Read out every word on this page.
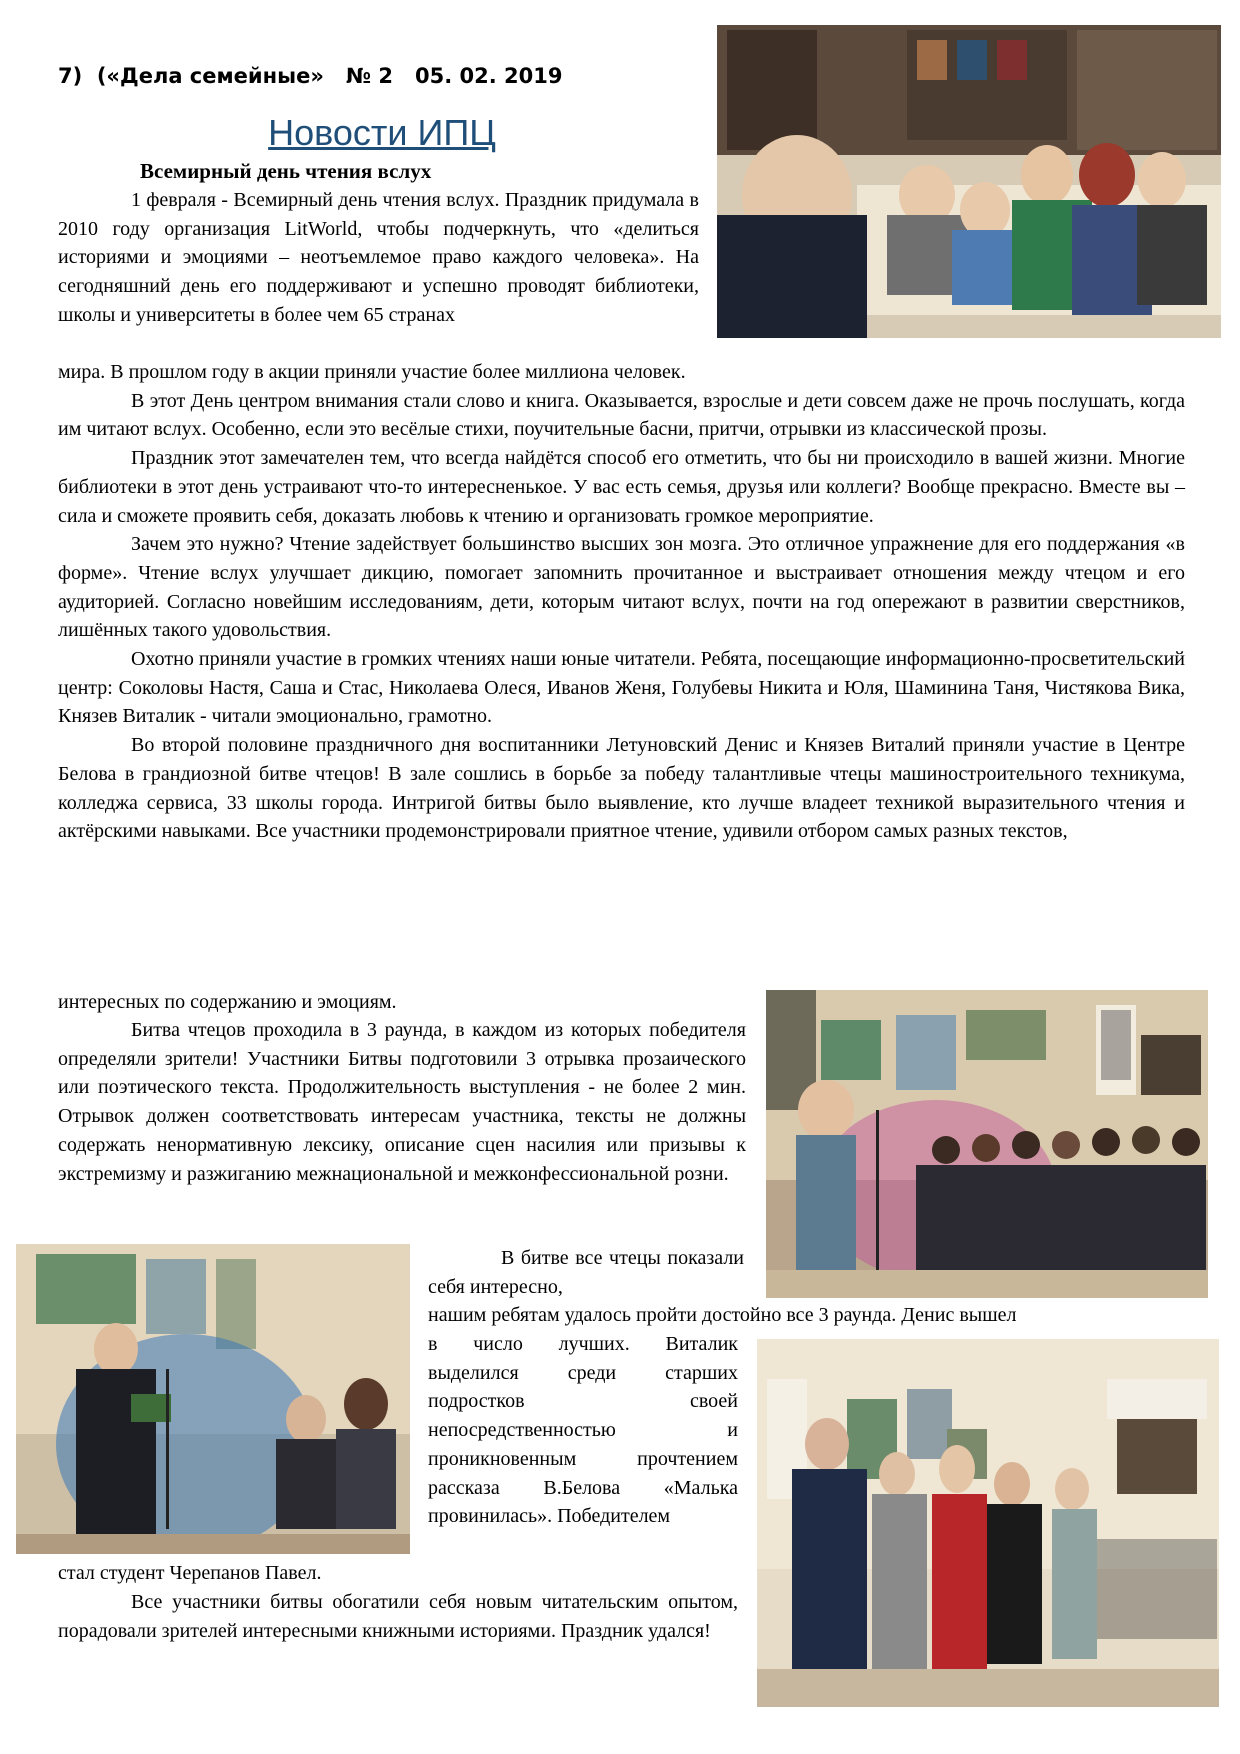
7)  («Дела семейные»   № 2   05. 02. 2019
Новости ИПЦ
Всемирный день чтения вслух

1 февраля - Всемирный день чтения вслух. Праздник придумала в 2010 году организация LitWorld, чтобы подчеркнуть, что «делиться историями и эмоциями – неотъемлемое право каждого человека». На сегодняшний день его поддерживают и успешно проводят библиотеки, школы и университеты в более чем 65 странах

мира. В прошлом году в акции приняли участие более миллиона человек.

В этот День центром внимания стали слово и книга. Оказывается, взрослые и дети совсем даже не прочь послушать, когда им читают вслух. Особенно, если это весёлые стихи, поучительные басни, притчи, отрывки из классической прозы.

Праздник этот замечателен тем, что всегда найдётся способ его отметить, что бы ни происходило в вашей жизни. Многие библиотеки в этот день устраивают что-то интересненькое. У вас есть семья, друзья или коллеги? Вообще прекрасно. Вместе вы – сила и сможете проявить себя, доказать любовь к чтению и организовать громкое мероприятие.

Зачем это нужно? Чтение задействует большинство высших зон мозга. Это отличное упражнение для его поддержания «в форме». Чтение вслух улучшает дикцию, помогает запомнить прочитанное и выстраивает отношения между чтецом и его аудиторией. Согласно новейшим исследованиям, дети, которым читают вслух, почти на год опережают в развитии сверстников, лишённых такого удовольствия.

Охотно приняли участие в громких чтениях наши юные читатели. Ребята, посещающие информационно-просветительский центр: Соколовы Настя, Саша и Стас, Николаева Олеся, Иванов Женя, Голубевы Никита и Юля, Шаминина Таня, Чистякова Вика, Князев Виталик - читали эмоционально, грамотно.

Во второй половине праздничного дня воспитанники Летуновский Денис и Князев Виталий приняли участие в Центре Белова в грандиозной битве чтецов! В зале сошлись в борьбе за победу талантливые чтецы машиностроительного техникума, колледжа сервиса, 33 школы города. Интригой битвы было выявление, кто лучше владеет техникой выразительного чтения и актёрскими навыками. Все участники продемонстрировали приятное чтение, удивили отбором самых разных текстов,

интересных по содержанию и эмоциям.

Битва чтецов проходила в 3 раунда, в каждом из которых победителя определяли зрители! Участники Битвы подготовили 3 отрывка прозаического или поэтического текста. Продолжительность выступления - не более 2 мин. Отрывок должен соответствовать интересам участника, тексты не должны содержать ненормативную лексику, описание сцен насилия или призывы к экстремизму и разжиганию межнациональной и межконфессиональной розни.

В битве все чтецы показали себя интересно,

нашим ребятам удалось пройти достойно все 3 раунда. Денис вышел

в число лучших. Виталик выделился среди старших подростков своей непосредственностью и проникновенным прочтением рассказа В.Белова «Малька провинилась». Победителем

стал студент Черепанов Павел.

Все участники битвы обогатили себя новым читательским опытом, порадовали зрителей интересными книжными историями. Праздник удался!
